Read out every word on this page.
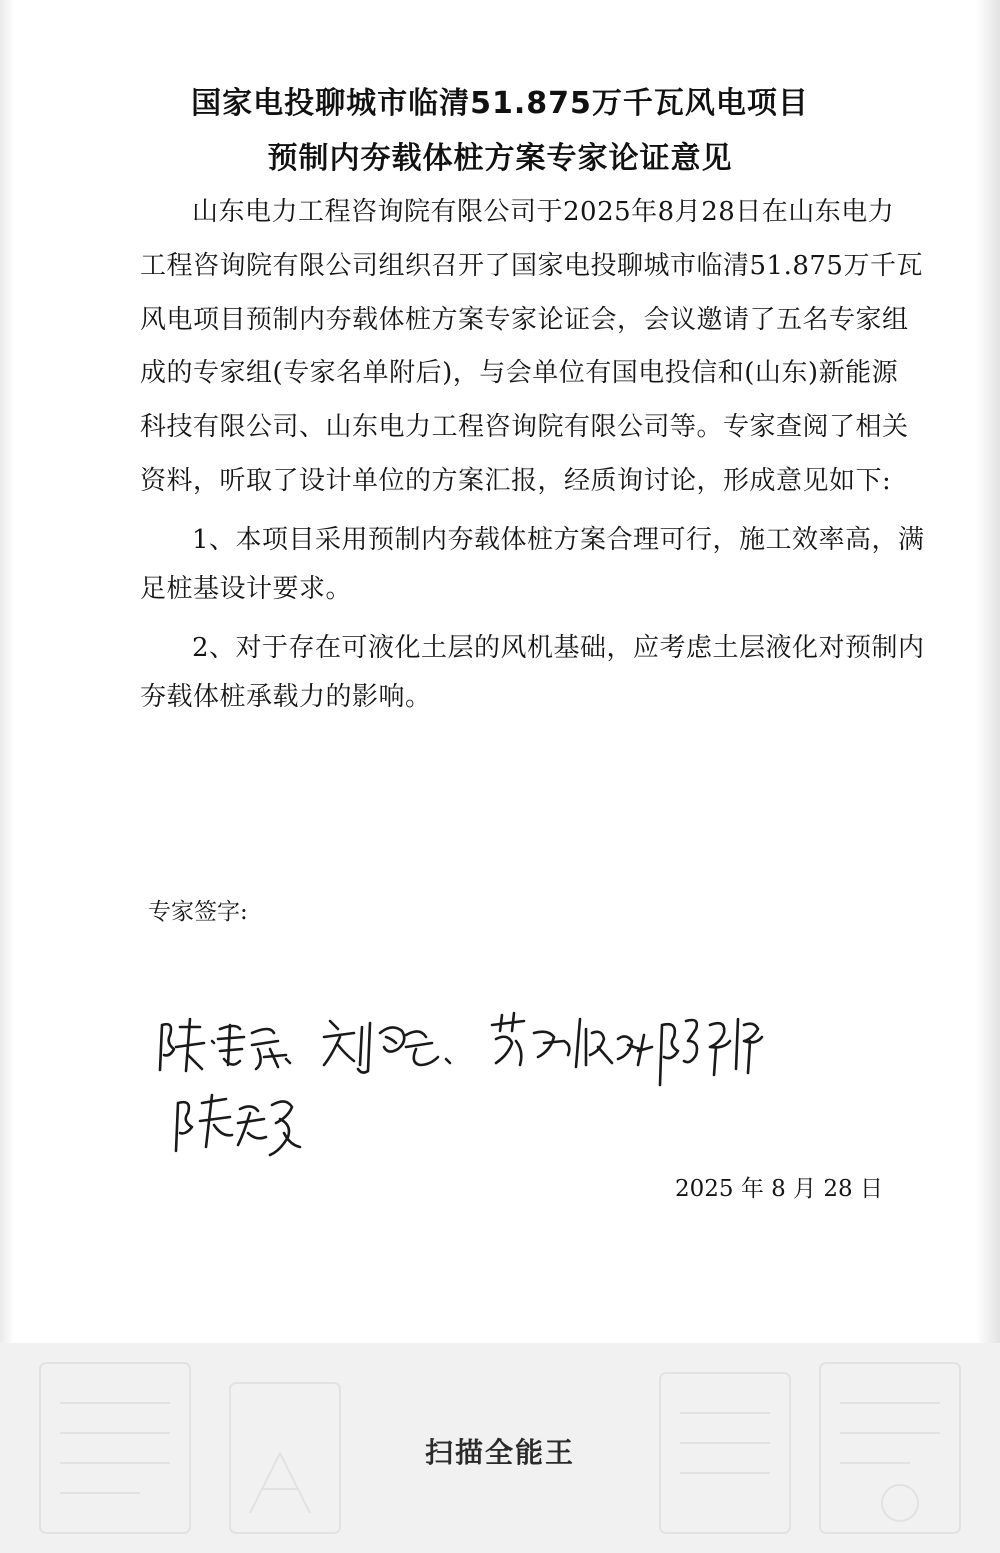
国家电投聊城市临清51.875万千瓦风电项目
预制内夯载体桩方案专家论证意见
山东电力工程咨询院有限公司于2025年8月28日在山东电力
工程咨询院有限公司组织召开了国家电投聊城市临清51.875万千瓦
风电项目预制内夯载体桩方案专家论证会，会议邀请了五名专家组
成的专家组(专家名单附后)，与会单位有国电投信和(山东)新能源
科技有限公司、山东电力工程咨询院有限公司等。专家查阅了相关
资料，听取了设计单位的方案汇报，经质询讨论，形成意见如下:
1、本项目采用预制内夯载体桩方案合理可行，施工效率高，满
足桩基设计要求。
2、对于存在可液化土层的风机基础，应考虑土层液化对预制内
夯载体桩承载力的影响。
专家签字:
2025 年 8 月 28 日
扫描全能王
